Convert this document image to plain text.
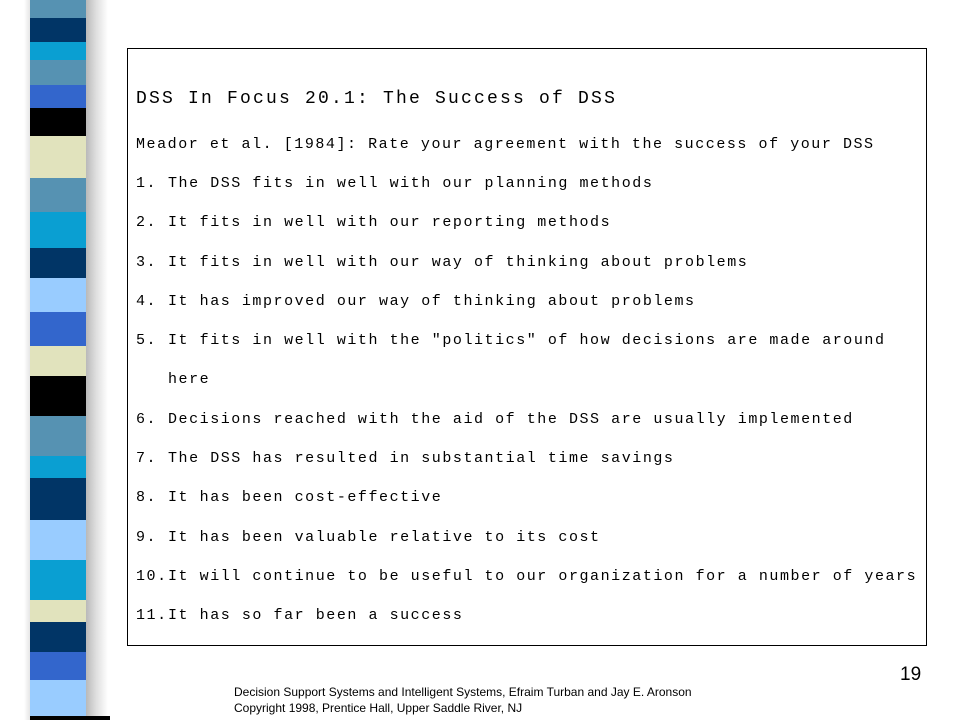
DSS In Focus 20.1: The Success of DSS
Meador et al. [1984]: Rate your agreement with the success of your DSS
1. The DSS fits in well with our planning methods
2. It fits in well with our reporting methods
3. It fits in well with our way of thinking about problems
4. It has improved our way of thinking about problems
5. It fits in well with the "politics" of how decisions are made around
here
6. Decisions reached with the aid of the DSS are usually implemented
7. The DSS has resulted in substantial time savings
8. It has been cost-effective
9. It has been valuable relative to its cost
10.It will continue to be useful to our organization for a number of years
11.It has so far been a success
19
Decision Support Systems and Intelligent Systems, Efraim Turban and Jay E. Aronson
Copyright 1998, Prentice Hall, Upper Saddle River, NJ
